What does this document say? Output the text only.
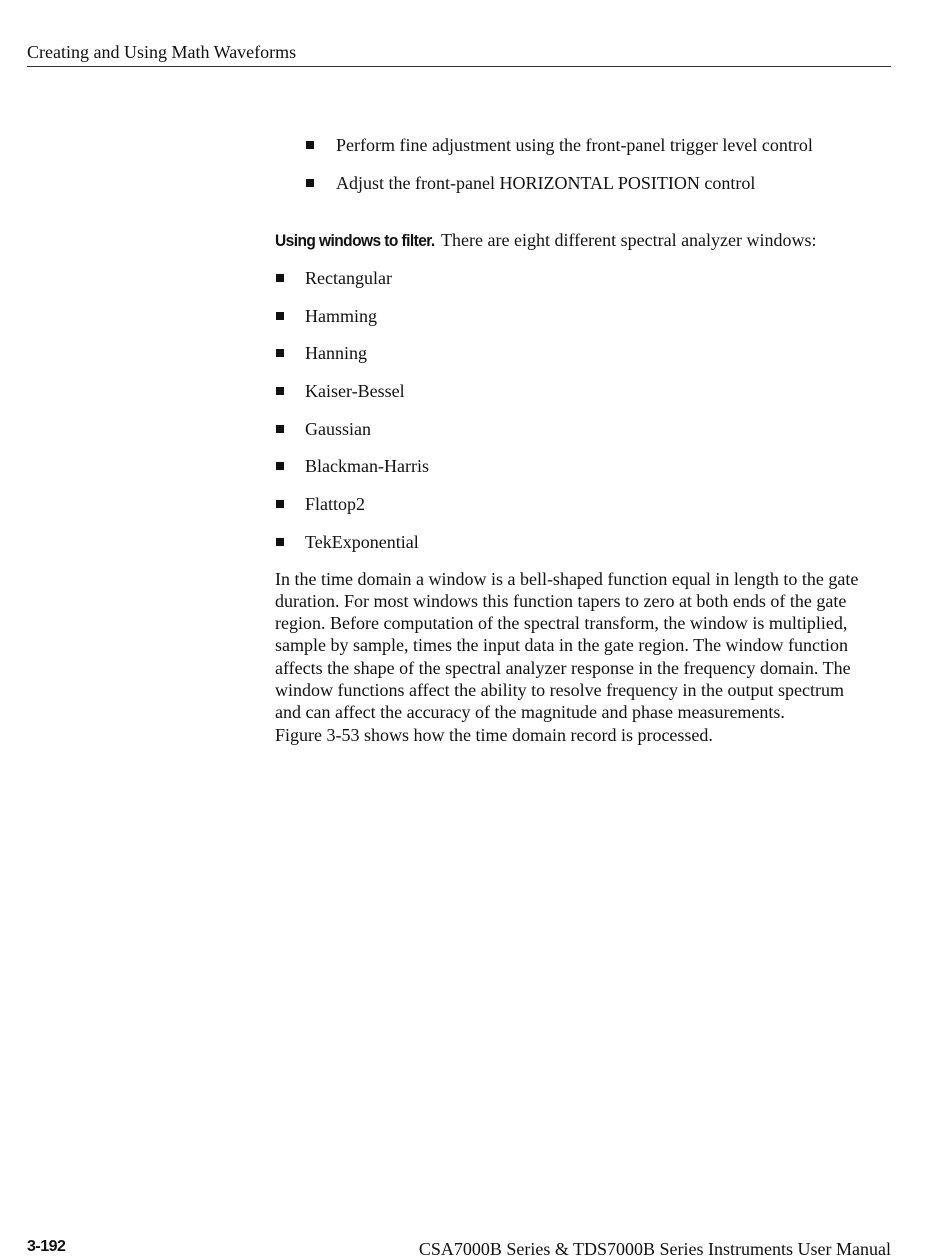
Creating and Using Math Waveforms
Perform fine adjustment using the front-panel trigger level control
Adjust the front-panel HORIZONTAL POSITION control

Using windows to filter. There are eight different spectral analyzer windows:

Rectangular
Hamming
Hanning
Kaiser-Bessel
Gaussian
Blackman-Harris
Flattop2
TekExponential

In the time domain a window is a bell-shaped function equal in length to the gate
duration. For most windows this function tapers to zero at both ends of the gate
region. Before computation of the spectral transform, the window is multiplied,
sample by sample, times the input data in the gate region. The window function
affects the shape of the spectral analyzer response in the frequency domain. The
window functions affect the ability to resolve frequency in the output spectrum
and can affect the accuracy of the magnitude and phase measurements.
Figure 3-53 shows how the time domain record is processed.

3-192	CSA7000B Series & TDS7000B Series Instruments User Manual
